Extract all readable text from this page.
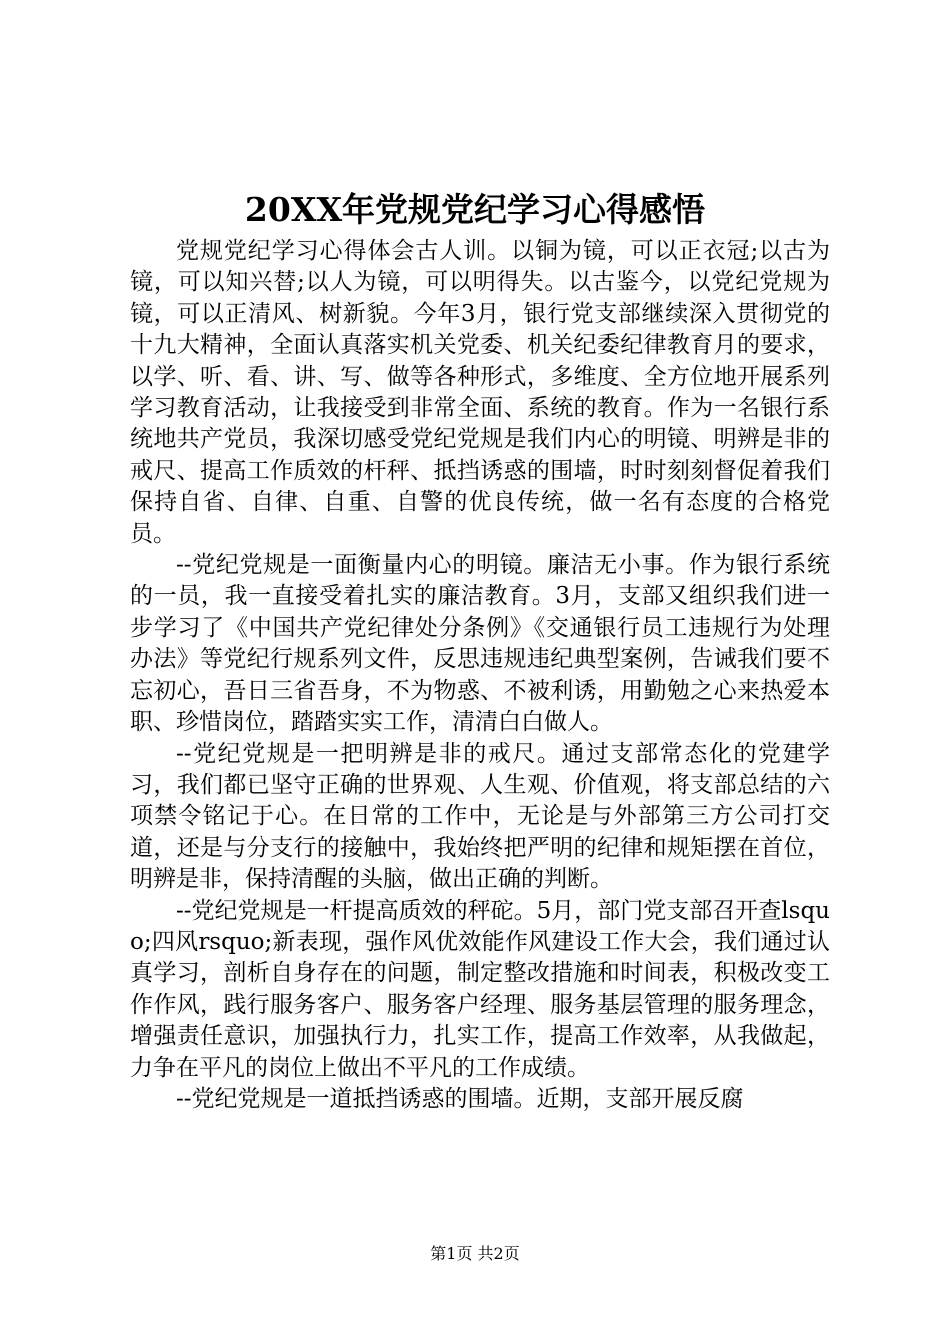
20XX年党规党纪学习心得感悟

党规党纪学习心得体会古人训。以铜为镜，可以正衣冠;以古为镜，可以知兴替;以人为镜，可以明得失。以古鉴今，以党纪党规为镜，可以正清风、树新貌。今年3月，银行党支部继续深入贯彻党的十九大精神，全面认真落实机关党委、机关纪委纪律教育月的要求，以学、听、看、讲、写、做等各种形式，多维度、全方位地开展系列学习教育活动，让我接受到非常全面、系统的教育。作为一名银行系统地共产党员，我深切感受党纪党规是我们内心的明镜、明辨是非的戒尺、提高工作质效的杆秤、抵挡诱惑的围墙，时时刻刻督促着我们保持自省、自律、自重、自警的优良传统，做一名有态度的合格党员。

--党纪党规是一面衡量内心的明镜。廉洁无小事。作为银行系统的一员，我一直接受着扎实的廉洁教育。3月，支部又组织我们进一步学习了《中国共产党纪律处分条例》《交通银行员工违规行为处理办法》等党纪行规系列文件，反思违规违纪典型案例，告诫我们要不忘初心，吾日三省吾身，不为物惑、不被利诱，用勤勉之心来热爱本职、珍惜岗位，踏踏实实工作，清清白白做人。

--党纪党规是一把明辨是非的戒尺。通过支部常态化的党建学习，我们都已坚守正确的世界观、人生观、价值观，将支部总结的六项禁令铭记于心。在日常的工作中，无论是与外部第三方公司打交道，还是与分支行的接触中，我始终把严明的纪律和规矩摆在首位，明辨是非，保持清醒的头脑，做出正确的判断。

--党纪党规是一杆提高质效的秤砣。5月，部门党支部召开查lsquo;四风rsquo;新表现，强作风优效能作风建设工作大会，我们通过认真学习，剖析自身存在的问题，制定整改措施和时间表，积极改变工作作风，践行服务客户、服务客户经理、服务基层管理的服务理念，增强责任意识，加强执行力，扎实工作，提高工作效率，从我做起，力争在平凡的岗位上做出不平凡的工作成绩。

--党纪党规是一道抵挡诱惑的围墙。近期，支部开展反腐

第1页 共2页
